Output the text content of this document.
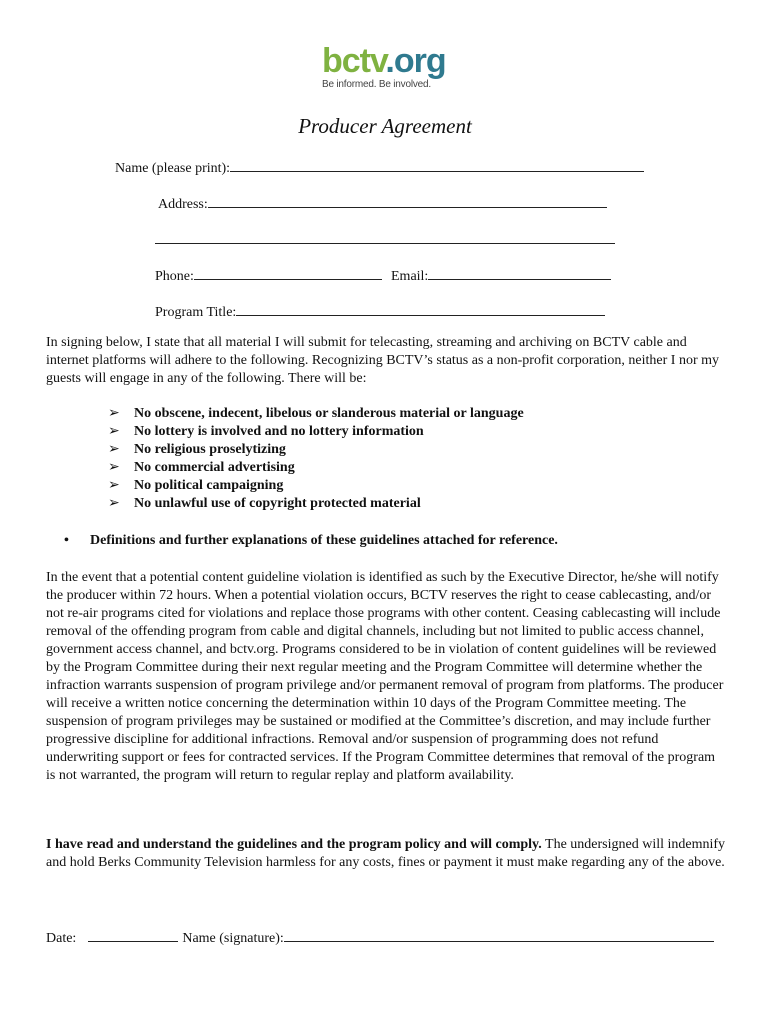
bctv.org
Be informed. Be involved.
Producer Agreement
Name (please print):
Address:
Phone:	Email:
Program Title:
In signing below, I state that all material I will submit for telecasting, streaming and archiving on BCTV cable and internet platforms will adhere to the following. Recognizing BCTV’s status as a non-profit corporation, neither I nor my guests will engage in any of the following. There will be:
➢ No obscene, indecent, libelous or slanderous material or language
➢ No lottery is involved and no lottery information
➢ No religious proselytizing
➢ No commercial advertising
➢ No political campaigning
➢ No unlawful use of copyright protected material
• Definitions and further explanations of these guidelines attached for reference.
In the event that a potential content guideline violation is identified as such by the Executive Director, he/she will notify the producer within 72 hours. When a potential violation occurs, BCTV reserves the right to cease cablecasting, and/or not re-air programs cited for violations and replace those programs with other content. Ceasing cablecasting will include removal of the offending program from cable and digital channels, including but not limited to public access channel, government access channel, and bctv.org. Programs considered to be in violation of content guidelines will be reviewed by the Program Committee during their next regular meeting and the Program Committee will determine whether the infraction warrants suspension of program privilege and/or permanent removal of program from platforms. The producer will receive a written notice concerning the determination within 10 days of the Program Committee meeting. The suspension of program privileges may be sustained or modified at the Committee’s discretion, and may include further progressive discipline for additional infractions. Removal and/or suspension of programming does not refund underwriting support or fees for contracted services. If the Program Committee determines that removal of the program is not warranted, the program will return to regular replay and platform availability.
I have read and understand the guidelines and the program policy and will comply. The undersigned will indemnify and hold Berks Community Television harmless for any costs, fines or payment it must make regarding any of the above.
Date:	Name (signature):
